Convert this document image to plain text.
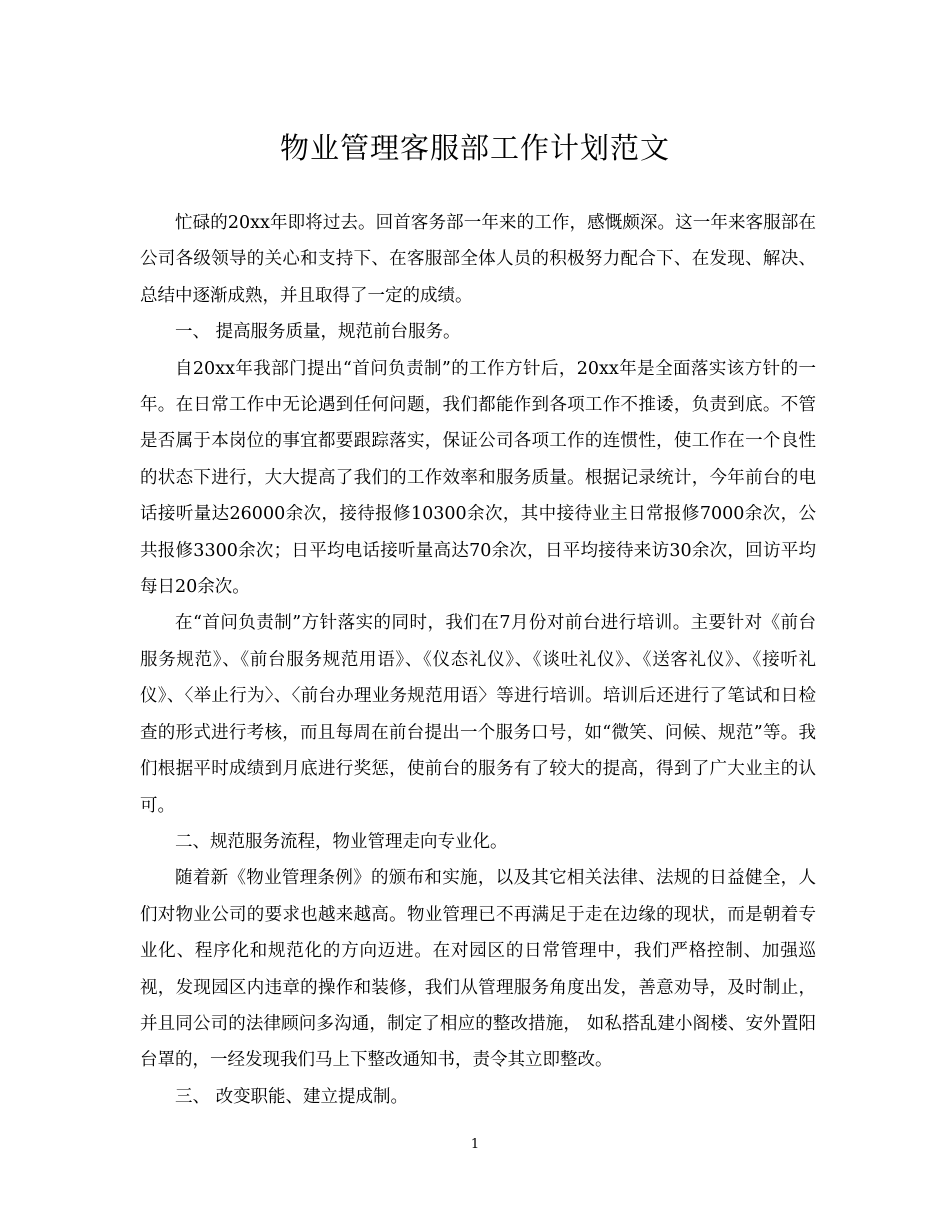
物业管理客服部工作计划范文

忙碌的20xx年即将过去。回首客务部一年来的工作，感慨颇深。这一年来客服部在公司各级领导的关心和支持下、在客服部全体人员的积极努力配合下、在发现、解决、总结中逐渐成熟，并且取得了一定的成绩。

一、 提高服务质量，规范前台服务。

自20xx年我部门提出“首问负责制”的工作方针后，20xx年是全面落实该方针的一年。在日常工作中无论遇到任何问题，我们都能作到各项工作不推诿，负责到底。不管是否属于本岗位的事宜都要跟踪落实，保证公司各项工作的连惯性，使工作在一个良性的状态下进行，大大提高了我们的工作效率和服务质量。根据记录统计，今年前台的电话接听量达26000余次，接待报修10300余次，其中接待业主日常报修7000余次，公共报修3300余次；日平均电话接听量高达70余次，日平均接待来访30余次，回访平均每日20余次。

在“首问负责制”方针落实的同时，我们在7月份对前台进行培训。主要针对《前台服务规范》、《前台服务规范用语》、《仪态礼仪》、《谈吐礼仪》、《送客礼仪》、《接听礼仪》、〈举止行为〉、〈前台办理业务规范用语〉等进行培训。培训后还进行了笔试和日检查的形式进行考核，而且每周在前台提出一个服务口号，如“微笑、问候、规范”等。我们根据平时成绩到月底进行奖惩，使前台的服务有了较大的提高，得到了广大业主的认可。

二、规范服务流程，物业管理走向专业化。

随着新《物业管理条例》的颁布和实施，以及其它相关法律、法规的日益健全，人们对物业公司的要求也越来越高。物业管理已不再满足于走在边缘的现状，而是朝着专业化、程序化和规范化的方向迈进。在对园区的日常管理中，我们严格控制、加强巡视，发现园区内违章的操作和装修，我们从管理服务角度出发，善意劝导，及时制止，并且同公司的法律顾问多沟通，制定了相应的整改措施， 如私搭乱建小阁楼、安外置阳台罩的，一经发现我们马上下整改通知书，责令其立即整改。

三、 改变职能、建立提成制。

1
